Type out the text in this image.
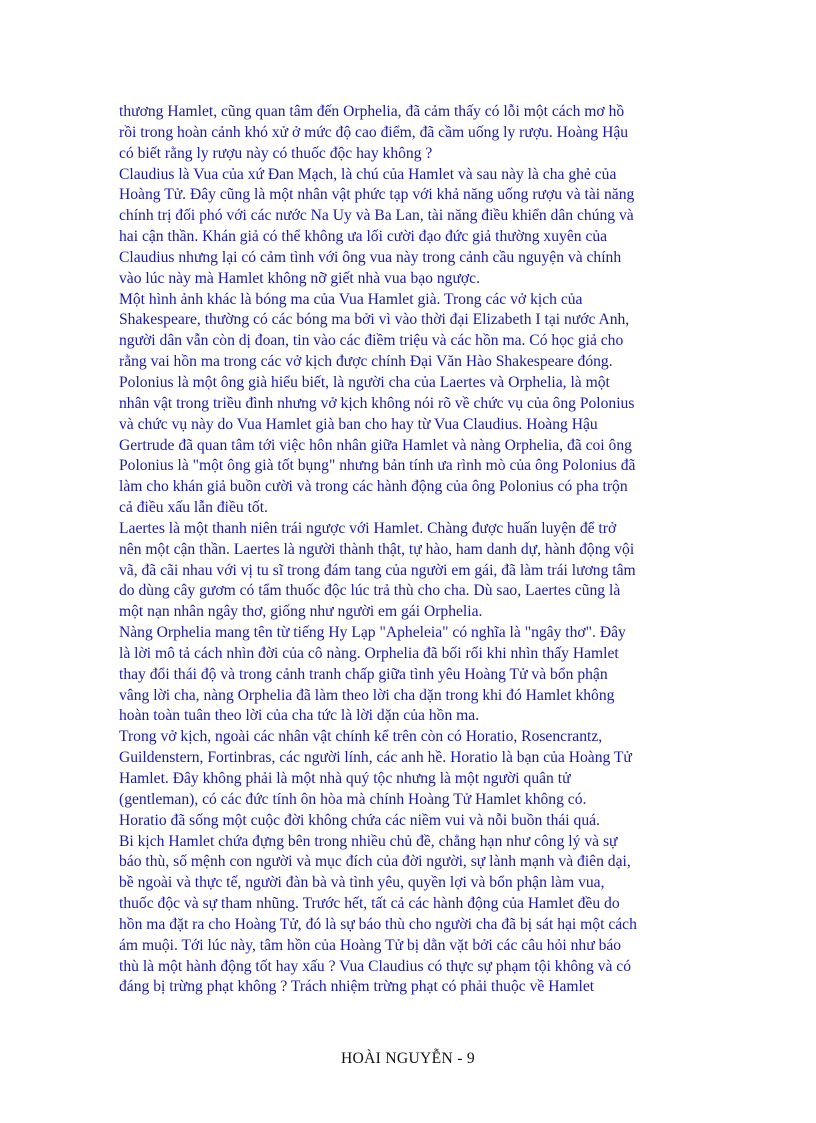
thương Hamlet, cũng quan tâm đến Orphelia, đã cảm thấy có lỗi một cách mơ hồ
rồi trong hoàn cảnh khó xử ở mức độ cao điểm, đã cầm uống ly rượu. Hoàng Hậu
có biết rằng ly rượu này có thuốc độc hay không ?
Claudius là Vua của xứ Đan Mạch, là chú của Hamlet và sau này là cha ghẻ của
Hoàng Tử. Đây cũng là một nhân vật phức tạp với khả năng uống rượu và tài năng
chính trị đối phó với các nước Na Uy và Ba Lan, tài năng điều khiển dân chúng và
hai cận thần. Khán giả có thể không ưa lối cười đạo đức giả thường xuyên của
Claudius nhưng lại có cảm tình với ông vua này trong cảnh cầu nguyện và chính
vào lúc này mà Hamlet không nỡ giết nhà vua bạo ngược.
Một hình ảnh khác là bóng ma của Vua Hamlet già. Trong các vở kịch của
Shakespeare, thường có các bóng ma bởi vì vào thời đại Elizabeth I tại nước Anh,
người dân vẫn còn dị đoan, tin vào các điềm triệu và các hồn ma. Có học giả cho
rằng vai hồn ma trong các vở kịch được chính Đại Văn Hào Shakespeare đóng.
Polonius là một ông già hiểu biết, là người cha của Laertes và Orphelia, là một
nhân vật trong triều đình nhưng vở kịch không nói rõ về chức vụ của ông Polonius
và chức vụ này do Vua Hamlet già ban cho hay từ Vua Claudius. Hoàng Hậu
Gertrude đã quan tâm tới việc hôn nhân giữa Hamlet và nàng Orphelia, đã coi ông
Polonius là "một ông già tốt bụng" nhưng bản tính ưa rình mò của ông Polonius đã
làm cho khán giả buồn cười và trong các hành động của ông Polonius có pha trộn
cả điều xấu lẫn điều tốt.
Laertes là một thanh niên trái ngược với Hamlet. Chàng được huấn luyện để trở
nên một cận thần. Laertes là người thành thật, tự hào, ham danh dự, hành động vội
vã, đã cãi nhau với vị tu sĩ trong đám tang của người em gái, đã làm trái lương tâm
do dùng cây gươm có tẩm thuốc độc lúc trả thù cho cha. Dù sao, Laertes cũng là
một nạn nhân ngây thơ, giống như người em gái Orphelia.
Nàng Orphelia mang tên từ tiếng Hy Lạp "Apheleia" có nghĩa là "ngây thơ". Đây
là lời mô tả cách nhìn đời của cô nàng. Orphelia đã bối rối khi nhìn thấy Hamlet
thay đổi thái độ và trong cảnh tranh chấp giữa tình yêu Hoàng Tử và bổn phận
vâng lời cha, nàng Orphelia đã làm theo lời cha dặn trong khi đó Hamlet không
hoàn toàn tuân theo lời của cha tức là lời dặn của hồn ma.
Trong vở kịch, ngoài các nhân vật chính kể trên còn có Horatio, Rosencrantz,
Guildenstern, Fortinbras, các người lính, các anh hề. Horatio là bạn của Hoàng Tử
Hamlet. Đây không phải là một nhà quý tộc nhưng là một người quân tử
(gentleman), có các đức tính ôn hòa mà chính Hoàng Tử Hamlet không có.
Horatio đã sống một cuộc đời không chứa các niềm vui và nỗi buồn thái quá.
Bi kịch Hamlet chứa đựng bên trong nhiều chủ đề, chẳng hạn như công lý và sự
báo thù, số mệnh con người và mục đích của đời người, sự lành mạnh và điên dại,
bề ngoài và thực tế, người đàn bà và tình yêu, quyền lợi và bổn phận làm vua,
thuốc độc và sự tham nhũng. Trước hết, tất cả các hành động của Hamlet đều do
hồn ma đặt ra cho Hoàng Tử, đó là sự báo thù cho người cha đã bị sát hại một cách
ám muội. Tới lúc này, tâm hồn của Hoàng Tử bị dằn vặt bởi các câu hỏi như báo
thù là một hành động tốt hay xấu ? Vua Claudius có thực sự phạm tội không và có
đáng bị trừng phạt không ? Trách nhiệm trừng phạt có phải thuộc về Hamlet
HOÀI NGUYỄN - 9
